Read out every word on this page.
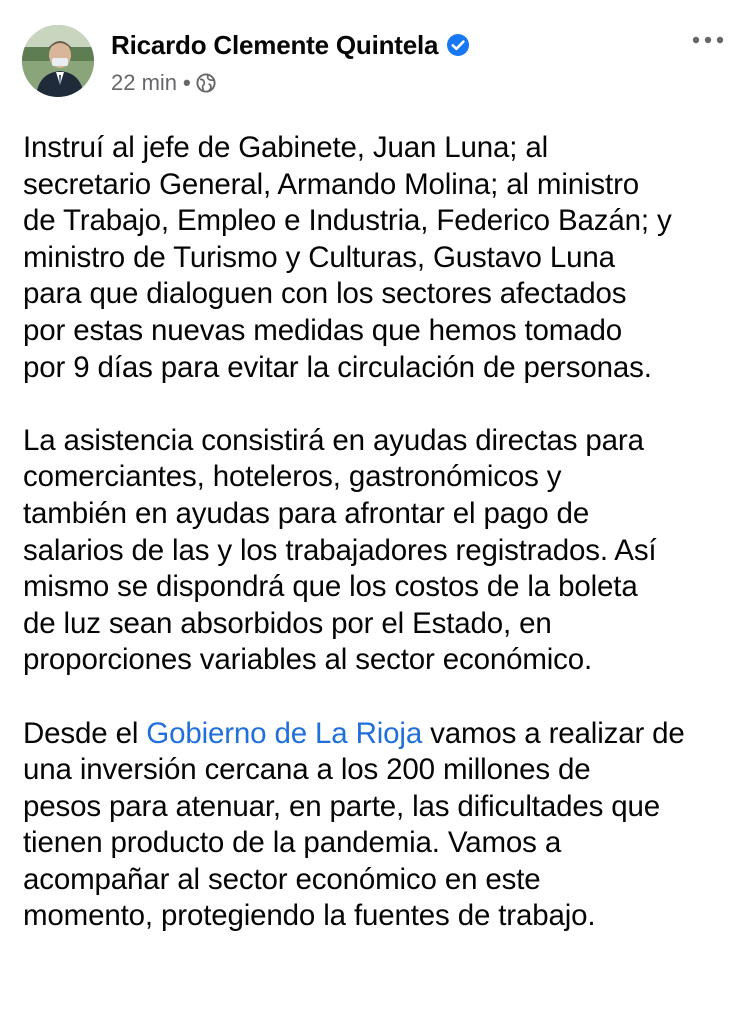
Ricardo Clemente Quintela
22 min •
Instruí al jefe de Gabinete, Juan Luna; al
secretario General, Armando Molina; al ministro
de Trabajo, Empleo e Industria, Federico Bazán; y
ministro de Turismo y Culturas, Gustavo Luna
para que dialoguen con los sectores afectados
por estas nuevas medidas que hemos tomado
por 9 días para evitar la circulación de personas.
La asistencia consistirá en ayudas directas para
comerciantes, hoteleros, gastronómicos y
también en ayudas para afrontar el pago de
salarios de las y los trabajadores registrados. Así
mismo se dispondrá que los costos de la boleta
de luz sean absorbidos por el Estado, en
proporciones variables al sector económico.
Desde el Gobierno de La Rioja vamos a realizar de
una inversión cercana a los 200 millones de
pesos para atenuar, en parte, las dificultades que
tienen producto de la pandemia. Vamos a
acompañar al sector económico en este
momento, protegiendo la fuentes de trabajo.
